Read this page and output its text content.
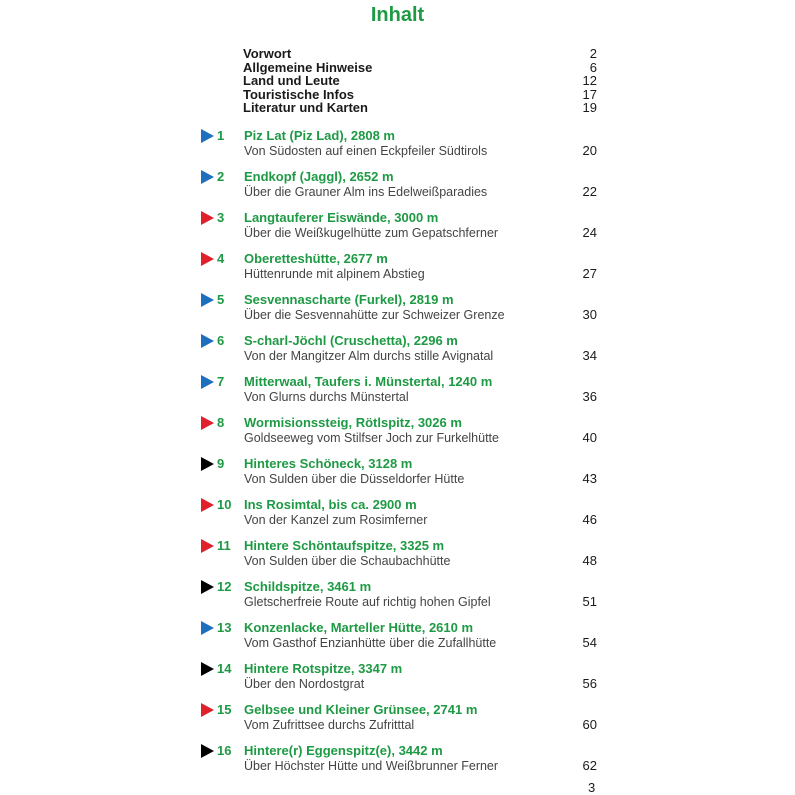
Inhalt
Vorwort	2
Allgemeine Hinweise	6
Land und Leute	12
Touristische Infos	17
Literatur und Karten	19
1 Piz Lat (Piz Lad), 2808 m
Von Südosten auf einen Eckpfeiler Südtirols	20
2 Endkopf (Jaggl), 2652 m
Über die Grauner Alm ins Edelweißparadies	22
3 Langtauferer Eiswände, 3000 m
Über die Weißkugelhütte zum Gepatschferner	24
4 Oberetteshütte, 2677 m
Hüttenrunde mit alpinem Abstieg	27
5 Sesvennascharte (Furkel), 2819 m
Über die Sesvennahütte zur Schweizer Grenze	30
6 S-charl-Jöchl (Cruschetta), 2296 m
Von der Mangitzer Alm durchs stille Avignatal	34
7 Mitterwaal, Taufers i. Münstertal, 1240 m
Von Glurns durchs Münstertal	36
8 Wormisionssteig, Rötlspitz, 3026 m
Goldseeweg vom Stilfser Joch zur Furkelhütte	40
9 Hinteres Schöneck, 3128 m
Von Sulden über die Düsseldorfer Hütte	43
10 Ins Rosimtal, bis ca. 2900 m
Von der Kanzel zum Rosimferner	46
11 Hintere Schöntaufspitze, 3325 m
Von Sulden über die Schaubachhütte	48
12 Schildspitze, 3461 m
Gletscherfreie Route auf richtig hohen Gipfel	51
13 Konzenlacke, Marteller Hütte, 2610 m
Vom Gasthof Enzianhütte über die Zufallhütte	54
14 Hintere Rotspitze, 3347 m
Über den Nordostgrat	56
15 Gelbsee und Kleiner Grünsee, 2741 m
Vom Zufrittsee durchs Zufritttal	60
16 Hintere(r) Eggenspitz(e), 3442 m
Über Höchster Hütte und Weißbrunner Ferner	62
3
